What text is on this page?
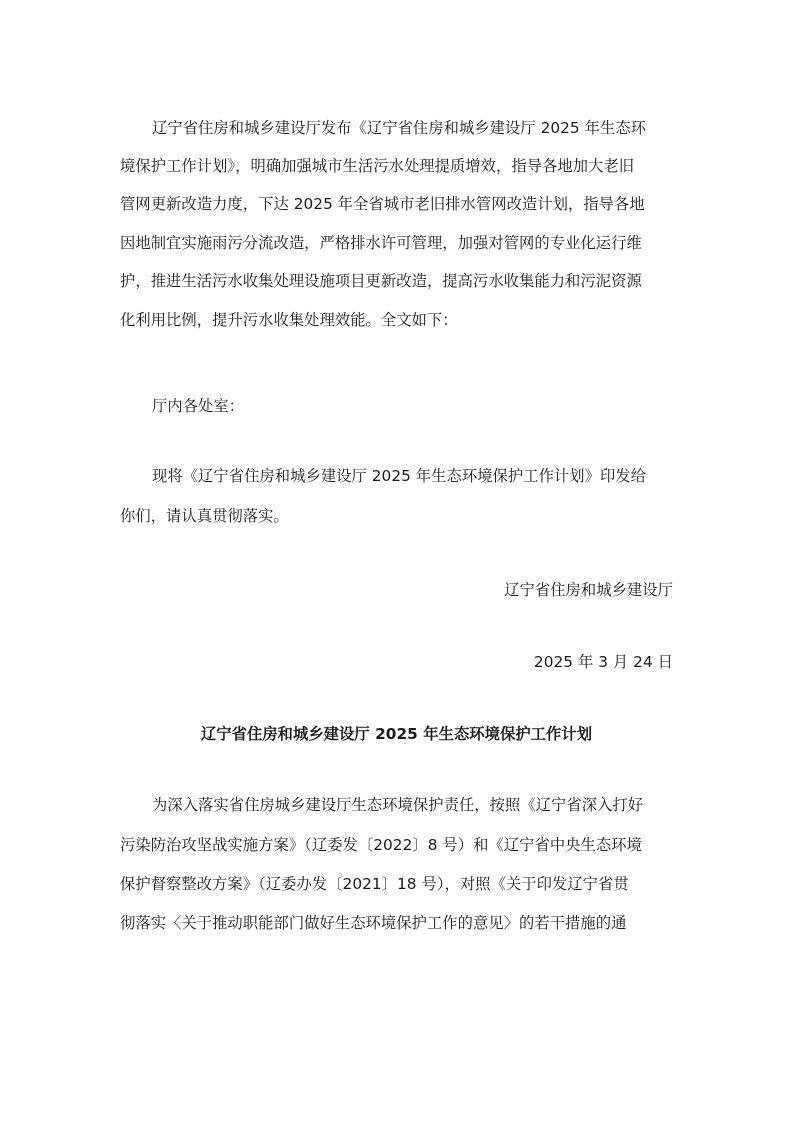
辽宁省住房和城乡建设厅发布《辽宁省住房和城乡建设厅 2025 年生态环
境保护工作计划》，明确加强城市生活污水处理提质增效，指导各地加大老旧
管网更新改造力度，下达 2025 年全省城市老旧排水管网改造计划，指导各地
因地制宜实施雨污分流改造，严格排水许可管理，加强对管网的专业化运行维
护，推进生活污水收集处理设施项目更新改造，提高污水收集能力和污泥资源
化利用比例，提升污水收集处理效能。全文如下：
厅内各处室：
现将《辽宁省住房和城乡建设厅 2025 年生态环境保护工作计划》印发给
你们，请认真贯彻落实。
辽宁省住房和城乡建设厅
2025 年 3 月 24 日
辽宁省住房和城乡建设厅 2025 年生态环境保护工作计划
为深入落实省住房城乡建设厅生态环境保护责任，按照《辽宁省深入打好
污染防治攻坚战实施方案》（辽委发〔2022〕8 号）和《辽宁省中央生态环境
保护督察整改方案》（辽委办发〔2021〕18 号），对照《关于印发辽宁省贯
彻落实〈关于推动职能部门做好生态环境保护工作的意见〉的若干措施的通
